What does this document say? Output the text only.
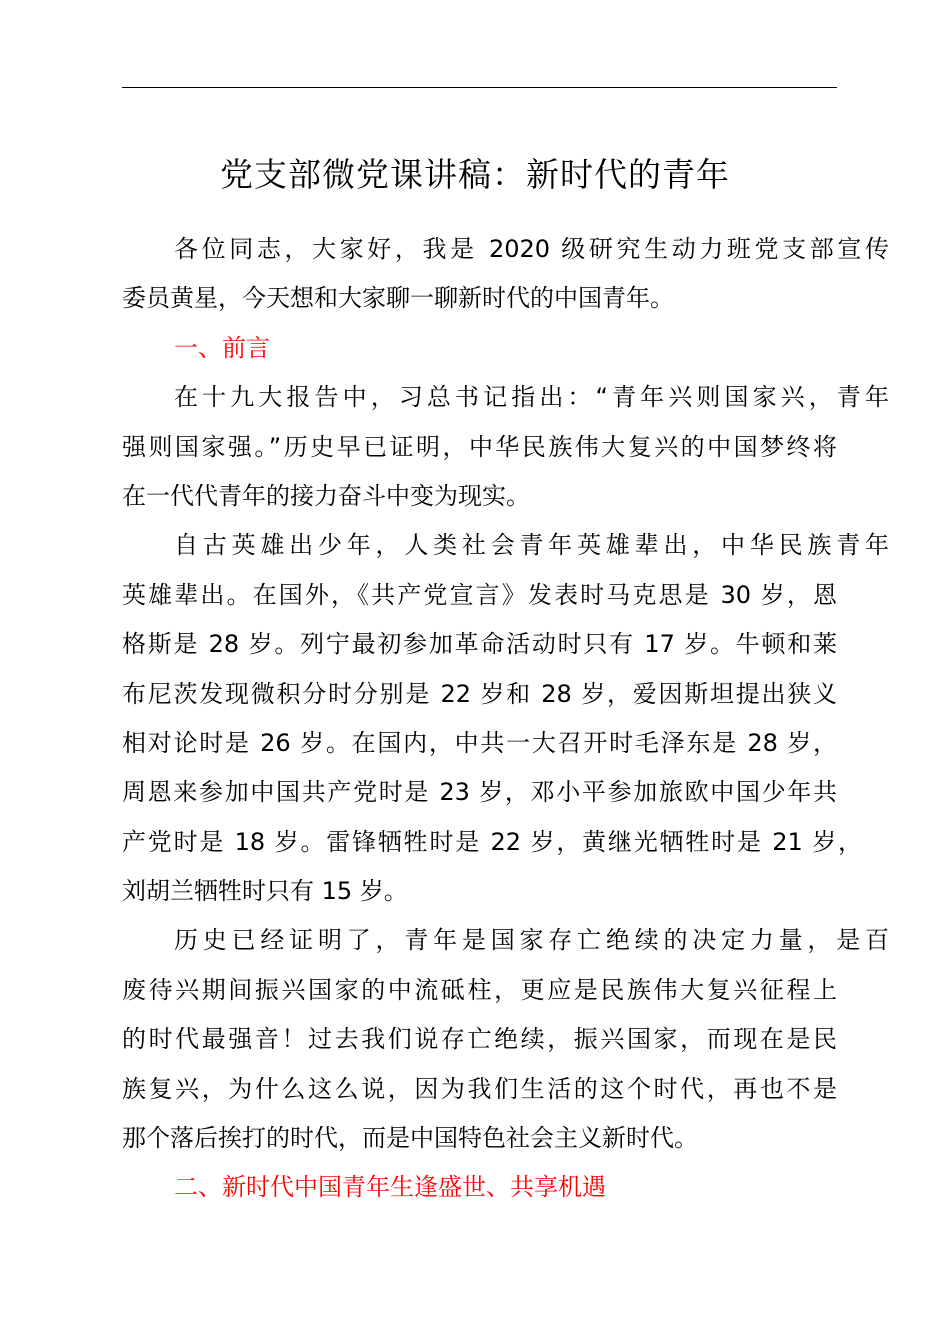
党支部微党课讲稿：新时代的青年
各位同志，大家好，我是 2020 级研究生动力班党支部宣传
委员黄星，今天想和大家聊一聊新时代的中国青年。
一、前言
在十九大报告中，习总书记指出：“青年兴则国家兴，青年
强则国家强。”历史早已证明，中华民族伟大复兴的中国梦终将
在一代代青年的接力奋斗中变为现实。
自古英雄出少年，人类社会青年英雄辈出，中华民族青年
英雄辈出。在国外，《共产党宣言》发表时马克思是 30 岁，恩
格斯是 28 岁。列宁最初参加革命活动时只有 17 岁。牛顿和莱
布尼茨发现微积分时分别是 22 岁和 28 岁，爱因斯坦提出狭义
相对论时是 26 岁。在国内，中共一大召开时毛泽东是 28 岁，
周恩来参加中国共产党时是 23 岁，邓小平参加旅欧中国少年共
产党时是 18 岁。雷锋牺牲时是 22 岁，黄继光牺牲时是 21 岁，
刘胡兰牺牲时只有 15 岁。
历史已经证明了，青年是国家存亡绝续的决定力量，是百
废待兴期间振兴国家的中流砥柱，更应是民族伟大复兴征程上
的时代最强音！过去我们说存亡绝续，振兴国家，而现在是民
族复兴，为什么这么说，因为我们生活的这个时代，再也不是
那个落后挨打的时代，而是中国特色社会主义新时代。
二、新时代中国青年生逢盛世、共享机遇
